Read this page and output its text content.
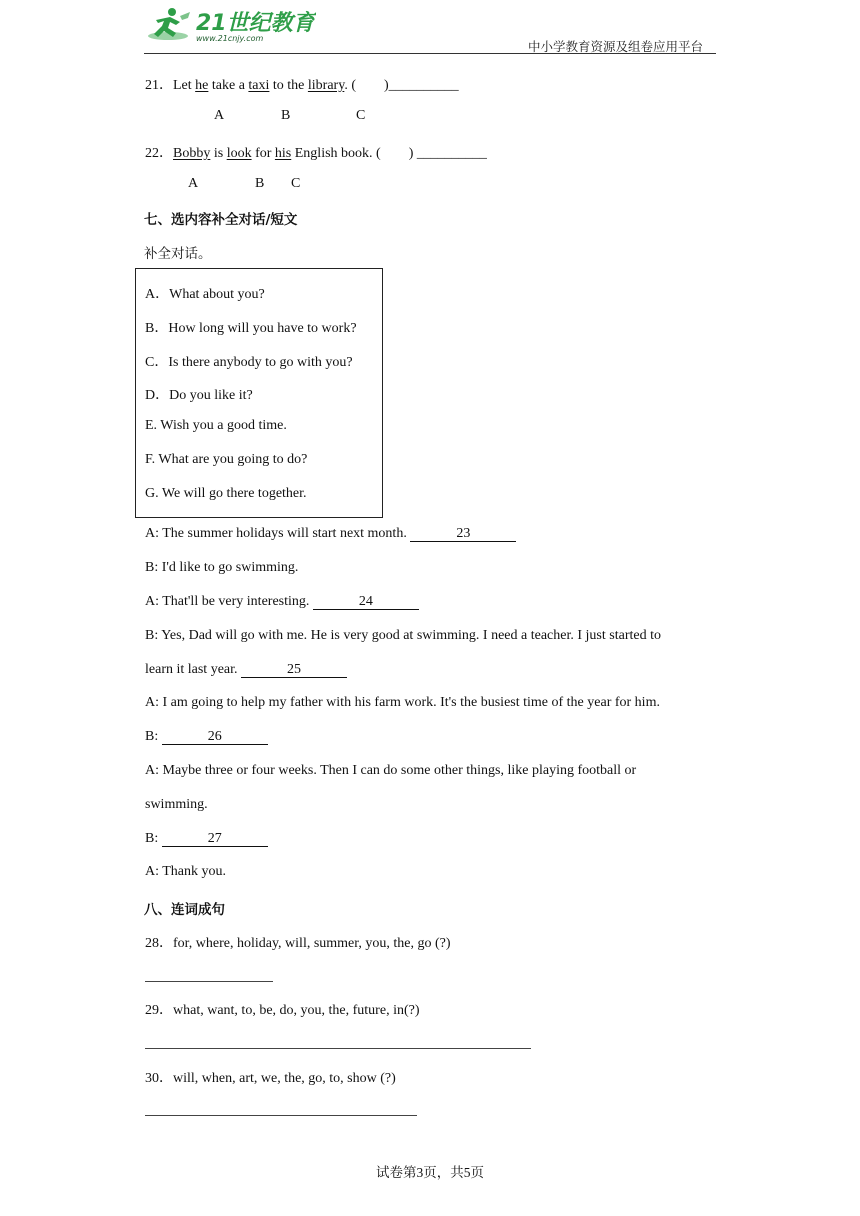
21世纪教育
www.21cnjy.com
中小学教育资源及组卷应用平台
21．Let he take a taxi to the library. (        )__________
A	B	C
22．Bobby is look for his English book. (        ) __________
A	B C
七、选内容补全对话/短文
补全对话。
A．What about you?
B．How long will you have to work?
C．Is there anybody to go with you?
D．Do you like it?
E. Wish you a good time.
F. What are you going to do?
G. We will go there together.
A: The summer holidays will start next month.	23
B: I'd like to go swimming.
A: That'll be very interesting.	24
B: Yes, Dad will go with me. He is very good at swimming. I need a teacher. I just started to
learn it last year.	25
A: I am going to help my father with his farm work. It's the busiest time of the year for him.
B:	26
A: Maybe three or four weeks. Then I can do some other things, like playing football or
swimming.
B:	27
A: Thank you.
八、连词成句
28．for, where, holiday, will, summer, you, the, go (?)
29．what, want, to, be, do, you, the, future, in(?)
30．will, when, art, we, the, go, to, show (?)
试卷第3页，共5页
